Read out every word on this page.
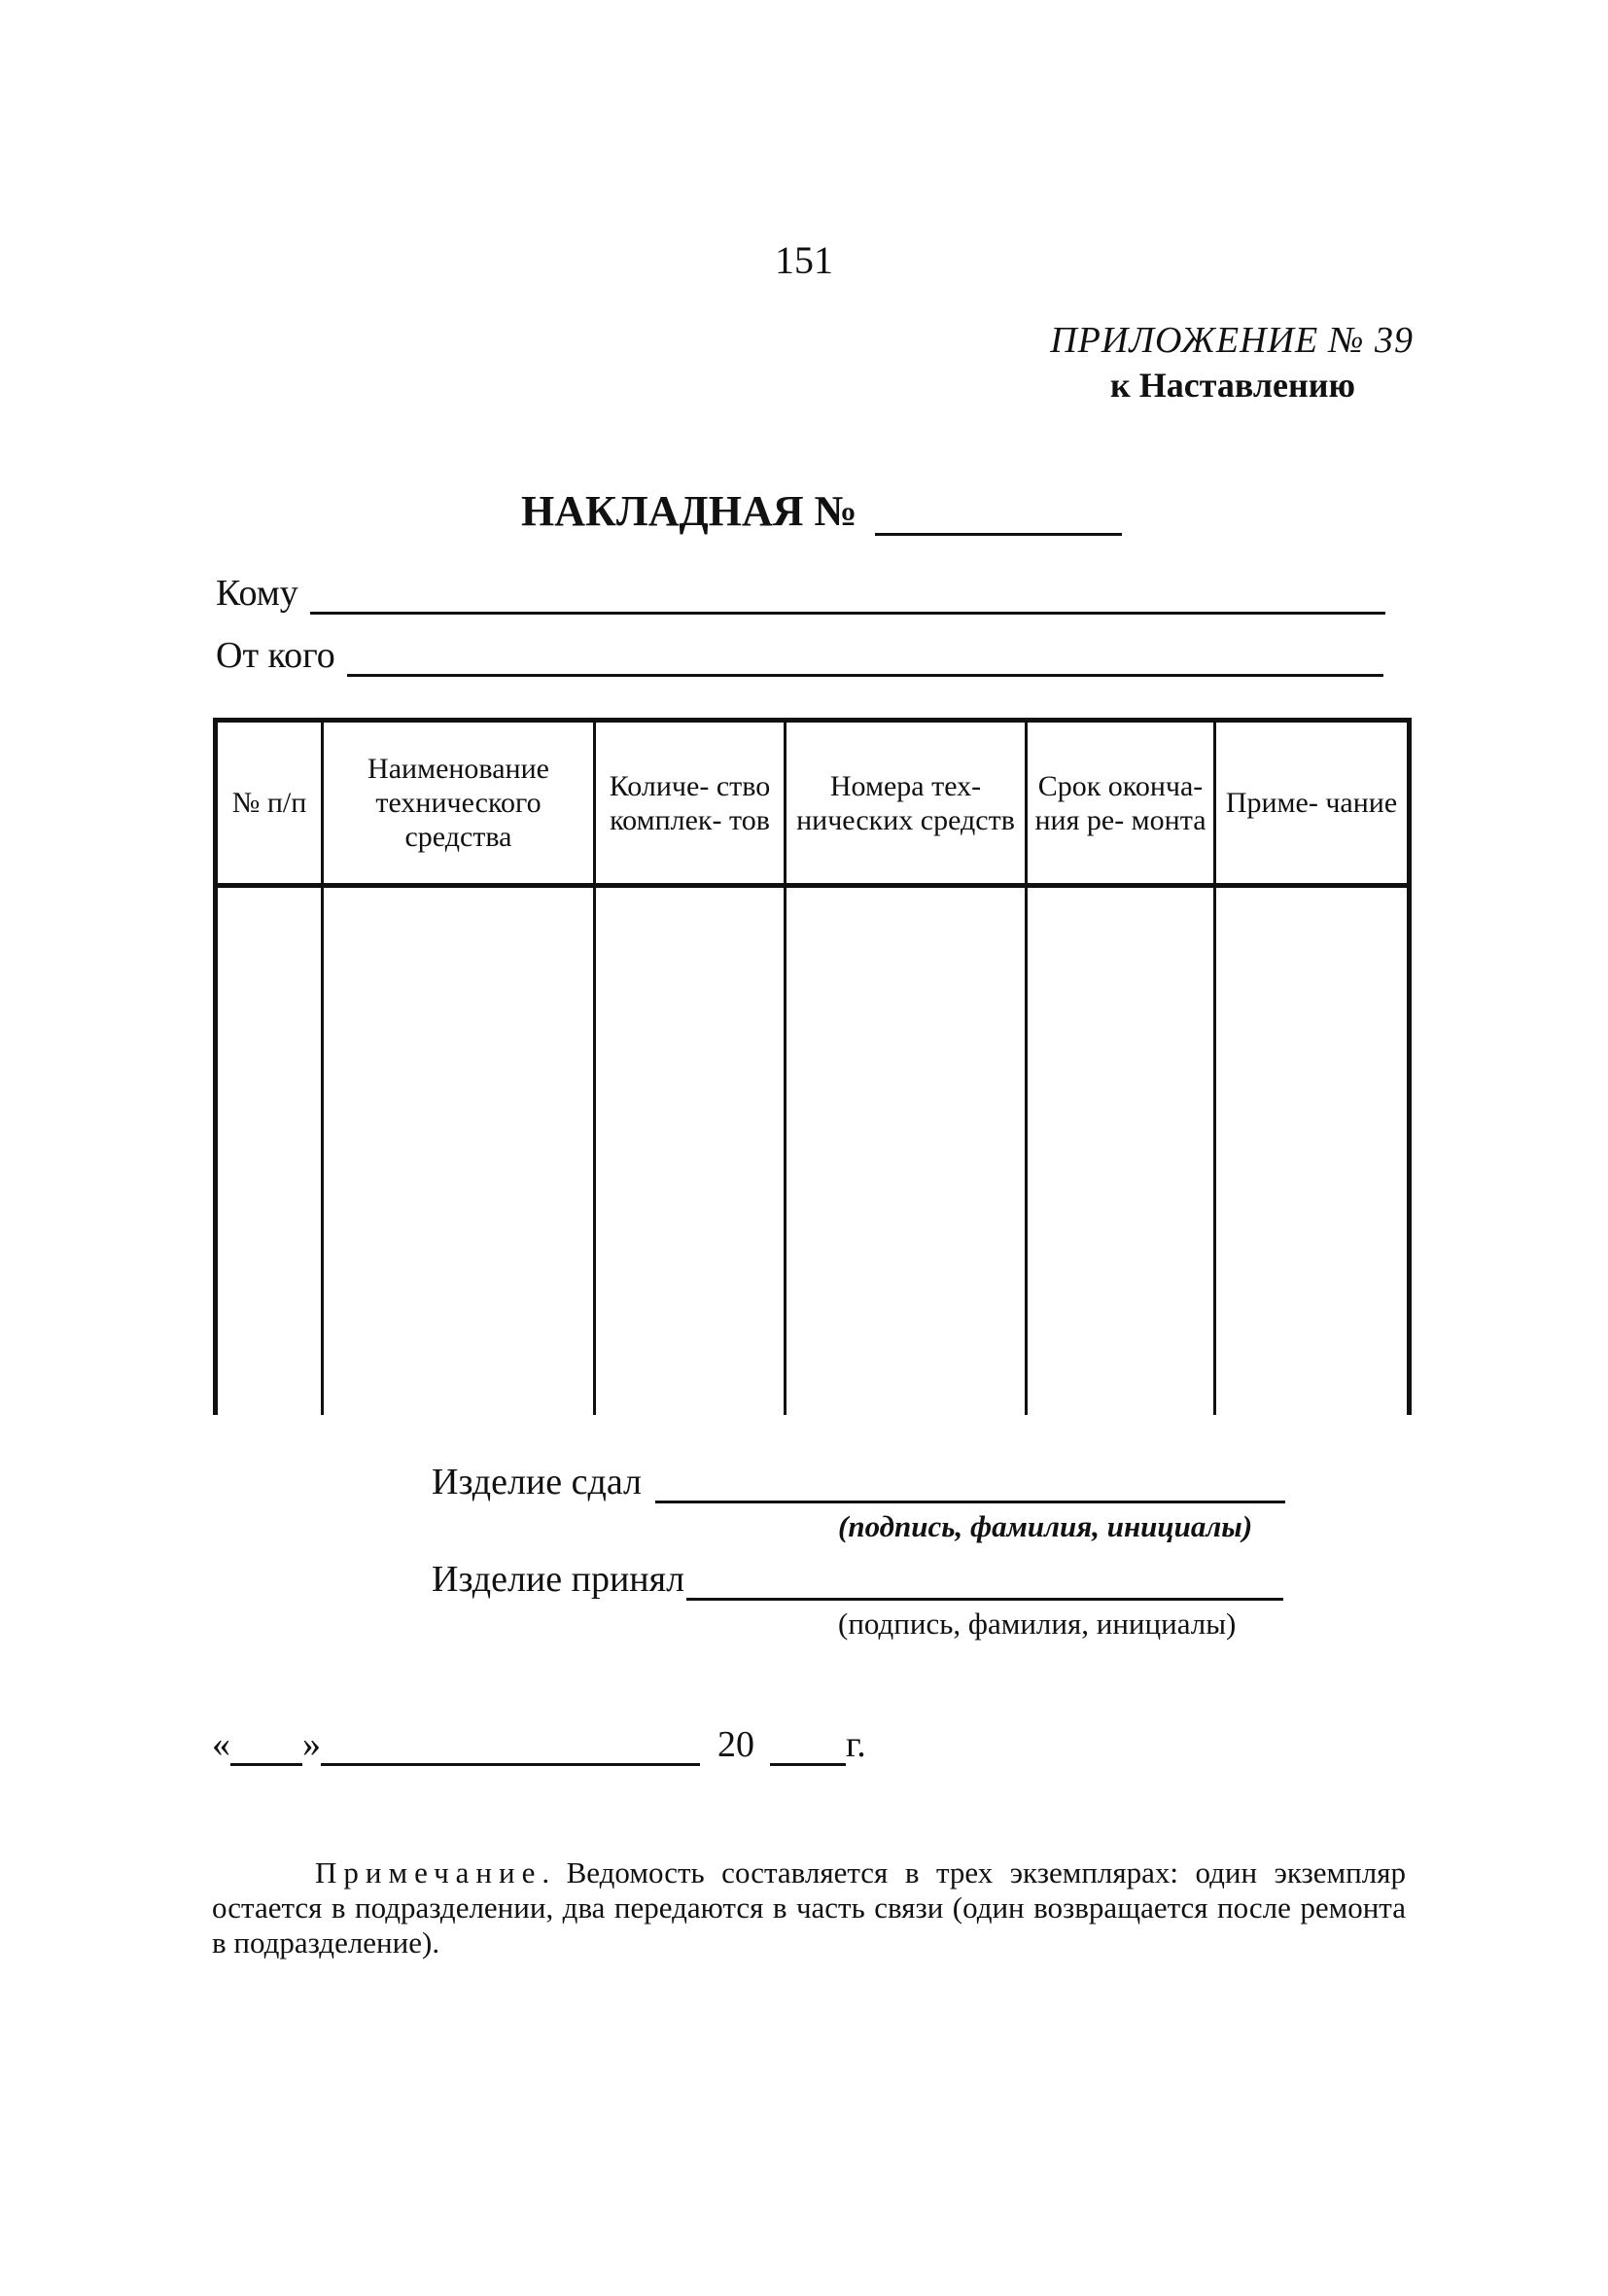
151
ПРИЛОЖЕНИЕ № 39
к Наставлению
НАКЛАДНАЯ №
Кому
От кого
№ п/п	Наименование технического средства	Количе- ство комплек- тов	Номера тех- нических средств	Срок оконча- ния ре- монта	Приме- чание

Изделие сдал
(подпись, фамилия, инициалы)
Изделие принял
(подпись, фамилия, инициалы)
« »	20 г.

Примечание. Ведомость составляется в трех экземплярах: один экземпляр остается в подразделении, два передаются в часть связи (один возвращается после ремонта в подразделение).
